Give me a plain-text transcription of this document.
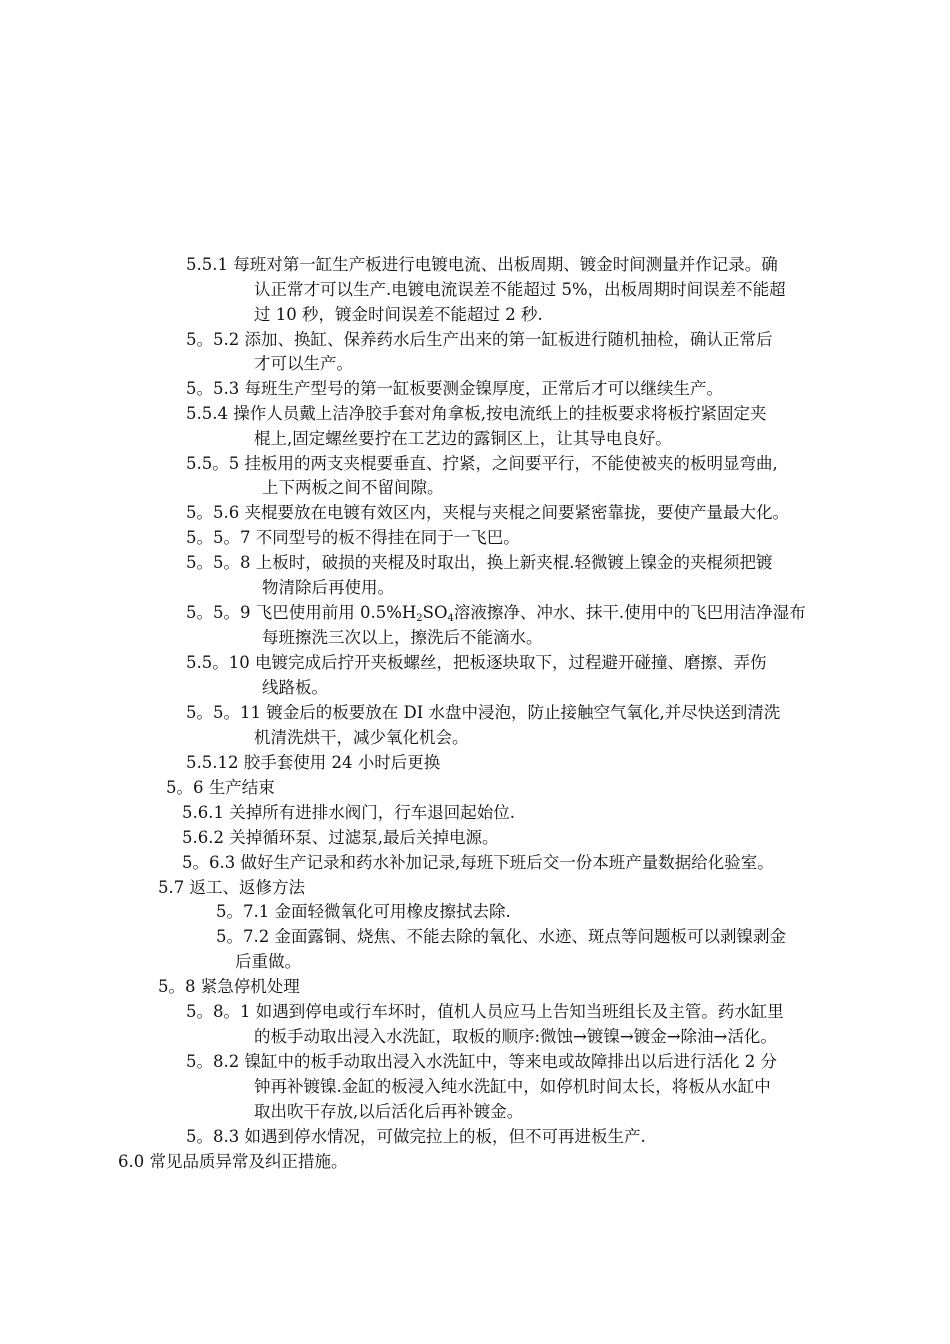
5.5.1 每班对第一缸生产板进行电镀电流、出板周期、镀金时间测量并作记录。确
认正常才可以生产.电镀电流误差不能超过 5%，出板周期时间误差不能超
过 10 秒，镀金时间误差不能超过 2 秒.
5。5.2 添加、换缸、保养药水后生产出来的第一缸板进行随机抽检，确认正常后
才可以生产。
5。5.3 每班生产型号的第一缸板要测金镍厚度，正常后才可以继续生产。
5.5.4 操作人员戴上洁净胶手套对角拿板,按电流纸上的挂板要求将板拧紧固定夹
棍上,固定螺丝要拧在工艺边的露铜区上，让其导电良好。
5.5。5 挂板用的两支夹棍要垂直、拧紧，之间要平行，不能使被夹的板明显弯曲,
上下两板之间不留间隙。
5。5.6 夹棍要放在电镀有效区内，夹棍与夹棍之间要紧密靠拢，要使产量最大化。
5。5。7 不同型号的板不得挂在同于一飞巴。
5。5。8 上板时，破损的夹棍及时取出，换上新夹棍.轻微镀上镍金的夹棍须把镀
物清除后再使用。
5。5。9 飞巴使用前用 $0.5\%H_2SO_4$溶液擦净、冲水、抹干.使用中的飞巴用洁净湿布
每班擦洗三次以上，擦洗后不能滴水。
5.5。10 电镀完成后拧开夹板螺丝，把板逐块取下，过程避开碰撞、磨擦、弄伤
线路板。
5。5。11 镀金后的板要放在 DI 水盘中浸泡，防止接触空气氧化,并尽快送到清洗
机清洗烘干，减少氧化机会。
5.5.12 胶手套使用 24 小时后更换
5。6 生产结束
5.6.1 关掉所有进排水阀门，行车退回起始位.
5.6.2 关掉循环泵、过滤泵,最后关掉电源。
5。6.3 做好生产记录和药水补加记录,每班下班后交一份本班产量数据给化验室。
5.7 返工、返修方法
5。7.1 金面轻微氧化可用橡皮擦拭去除.
5。7.2 金面露铜、烧焦、不能去除的氧化、水迹、斑点等问题板可以剥镍剥金
后重做。
5。8 紧急停机处理
5。8。1 如遇到停电或行车坏时，值机人员应马上告知当班组长及主管。药水缸里
的板手动取出浸入水洗缸，取板的顺序:微蚀→镀镍→镀金→除油→活化。
5。8.2 镍缸中的板手动取出浸入水洗缸中，等来电或故障排出以后进行活化 2 分
钟再补镀镍.金缸的板浸入纯水洗缸中，如停机时间太长，将板从水缸中
取出吹干存放,以后活化后再补镀金。
5。8.3 如遇到停水情况，可做完拉上的板，但不可再进板生产.
6.0 常见品质异常及纠正措施。
